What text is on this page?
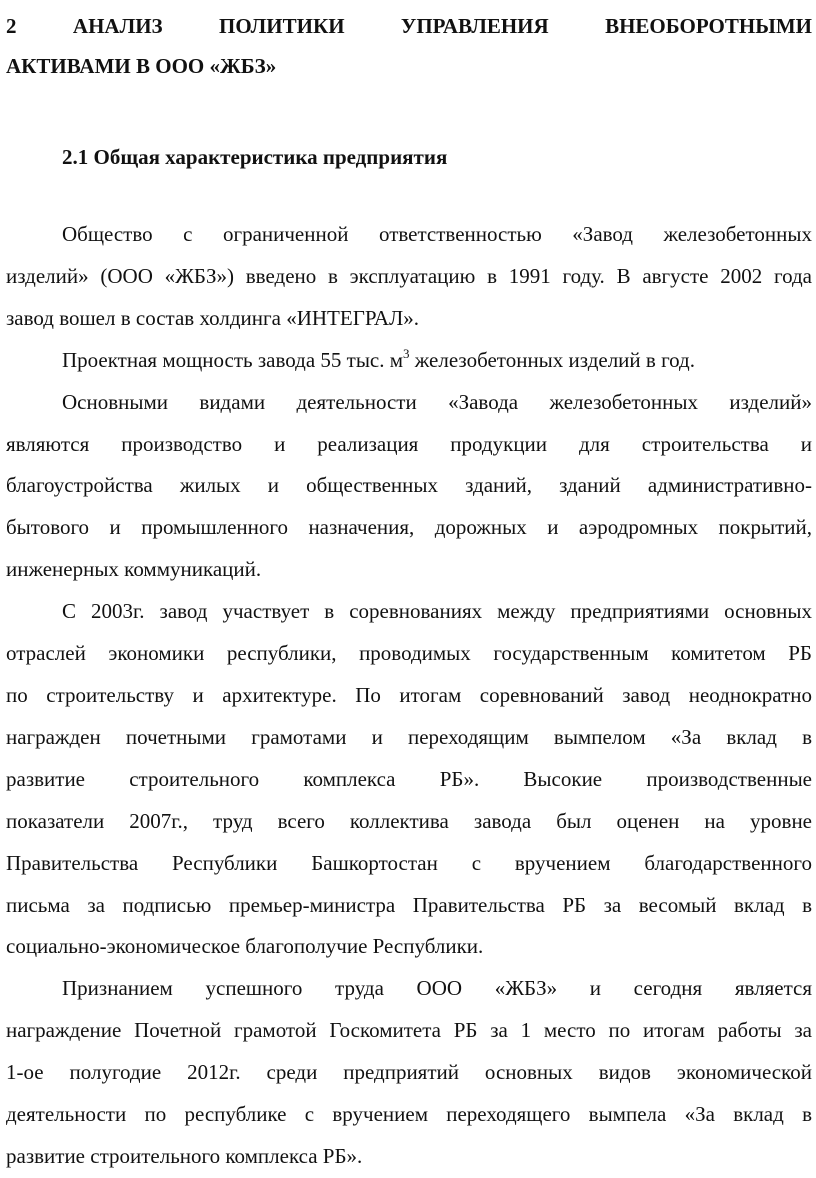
2 АНАЛИЗ ПОЛИТИКИ УПРАВЛЕНИЯ ВНЕОБОРОТНЫМИ
АКТИВАМИ В ООО «ЖБЗ»
2.1 Общая характеристика предприятия
Общество с ограниченной ответственностью «Завод железобетонных
изделий» (ООО «ЖБЗ») введено в эксплуатацию в 1991 году. В августе 2002 года
завод вошел в состав холдинга «ИНТЕГРАЛ».
Проектная мощность завода 55 тыс. $м^3$ железобетонных изделий в год.
Основными видами деятельности «Завода железобетонных изделий»
являются производство и реализация продукции для строительства и
благоустройства жилых и общественных зданий, зданий административно-
бытового и промышленного назначения, дорожных и аэродромных покрытий,
инженерных коммуникаций.
С 2003г. завод участвует в соревнованиях между предприятиями основных
отраслей экономики республики, проводимых государственным комитетом РБ
по строительству и архитектуре. По итогам соревнований завод неоднократно
награжден почетными грамотами и переходящим вымпелом «За вклад в
развитие строительного комплекса РБ». Высокие производственные
показатели 2007г., труд всего коллектива завода был оценен на уровне
Правительства Республики Башкортостан с вручением благодарственного
письма за подписью премьер-министра Правительства РБ за весомый вклад в
социально-экономическое благополучие Республики.
Признанием успешного труда ООО «ЖБЗ» и сегодня является
награждение Почетной грамотой Госкомитета РБ за 1 место по итогам работы за
1-ое полугодие 2012г. среди предприятий основных видов экономической
деятельности по республике с вручением переходящего вымпела «За вклад в
развитие строительного комплекса РБ».
